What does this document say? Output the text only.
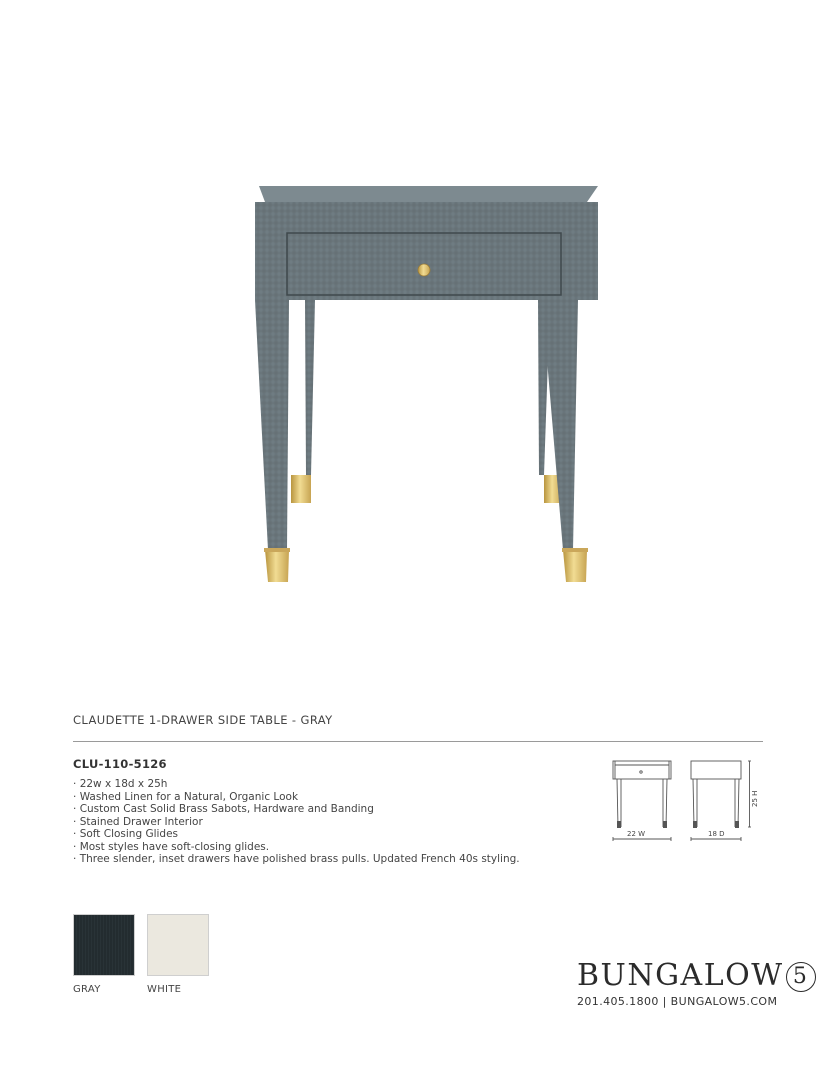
CLAUDETTE 1-DRAWER SIDE TABLE - GRAY
CLU-110-5126
· 22w x 18d x 25h
· Washed Linen for a Natural, Organic Look
· Custom Cast Solid Brass Sabots, Hardware and Banding
· Stained Drawer Interior
· Soft Closing Glides
· Most styles have soft-closing glides.
· Three slender, inset drawers have polished brass pulls. Updated French 40s styling.
22 W	18 D
25 H
GRAY	WHITE	BUNGALOW 5
201.405.1800 | BUNGALOW5.COM
